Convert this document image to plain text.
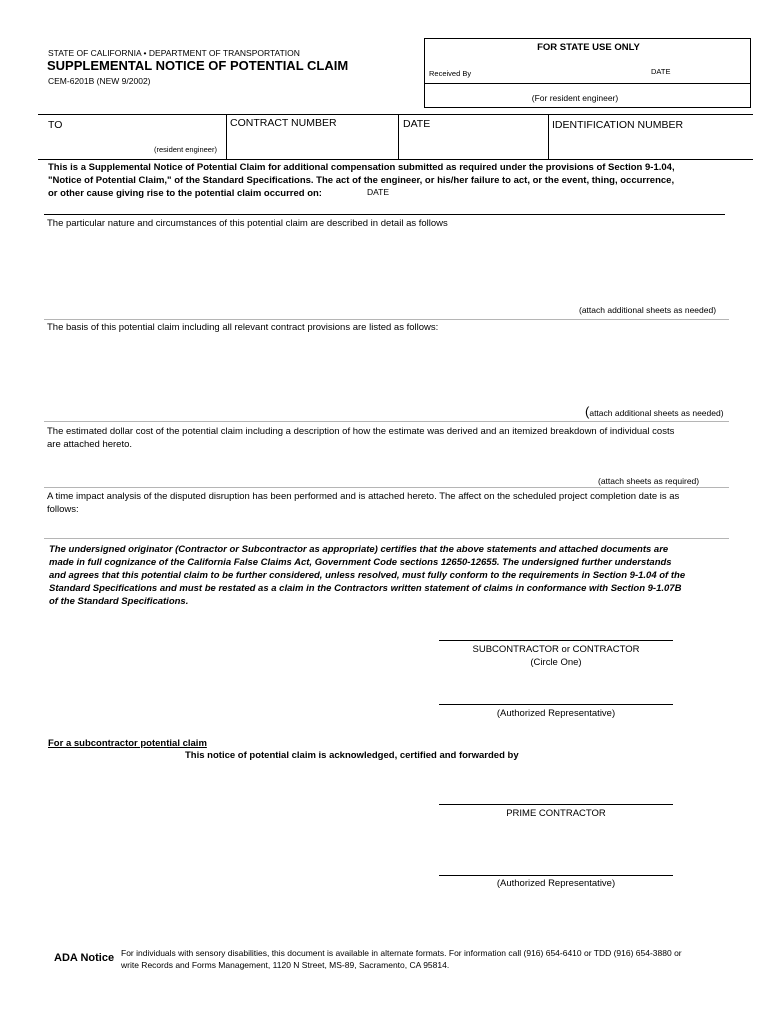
STATE OF CALIFORNIA • DEPARTMENT OF TRANSPORTATION
SUPPLEMENTAL NOTICE OF POTENTIAL CLAIM
CEM-6201B (NEW 9/2002)
FOR STATE USE ONLY
Received By	DATE
(For resident engineer)
TO
(resident engineer)
CONTRACT NUMBER	DATE	IDENTIFICATION NUMBER
This is a Supplemental Notice of Potential Claim for additional compensation submitted as required under the provisions of Section 9-1.04,
"Notice of Potential Claim," of the Standard Specifications. The act of the engineer, or his/her failure to act, or the event, thing, occurrence,
or other cause giving rise to the potential claim occurred on:	DATE
The particular nature and circumstances of this potential claim are described in detail as follows
(attach additional sheets as needed)
The basis of this potential claim including all relevant contract provisions are listed as follows:
(attach additional sheets as needed)
The estimated dollar cost of the potential claim including a description of how the estimate was derived and an itemized breakdown of individual costs
are attached hereto.
(attach sheets as required)
A time impact analysis of the disputed disruption has been performed and is attached hereto. The affect on the scheduled project completion date is as
follows:
The undersigned originator (Contractor or Subcontractor as appropriate) certifies that the above statements and attached documents are
made in full cognizance of the California False Claims Act, Government Code sections 12650-12655. The undersigned further understands
and agrees that this potential claim to be further considered, unless resolved, must fully conform to the requirements in Section 9-1.04 of the
Standard Specifications and must be restated as a claim in the Contractors written statement of claims in conformance with Section 9-1.07B
of the Standard Specifications.
SUBCONTRACTOR or CONTRACTOR
(Circle One)
(Authorized Representative)
For a subcontractor potential claim
This notice of potential claim is acknowledged, certified and forwarded by
PRIME CONTRACTOR
(Authorized Representative)
ADA Notice For individuals with sensory disabilities, this document is available in alternate formats. For information call (916) 654-6410 or TDD (916) 654-3880 or
write Records and Forms Management, 1120 N Street, MS-89, Sacramento, CA 95814.
